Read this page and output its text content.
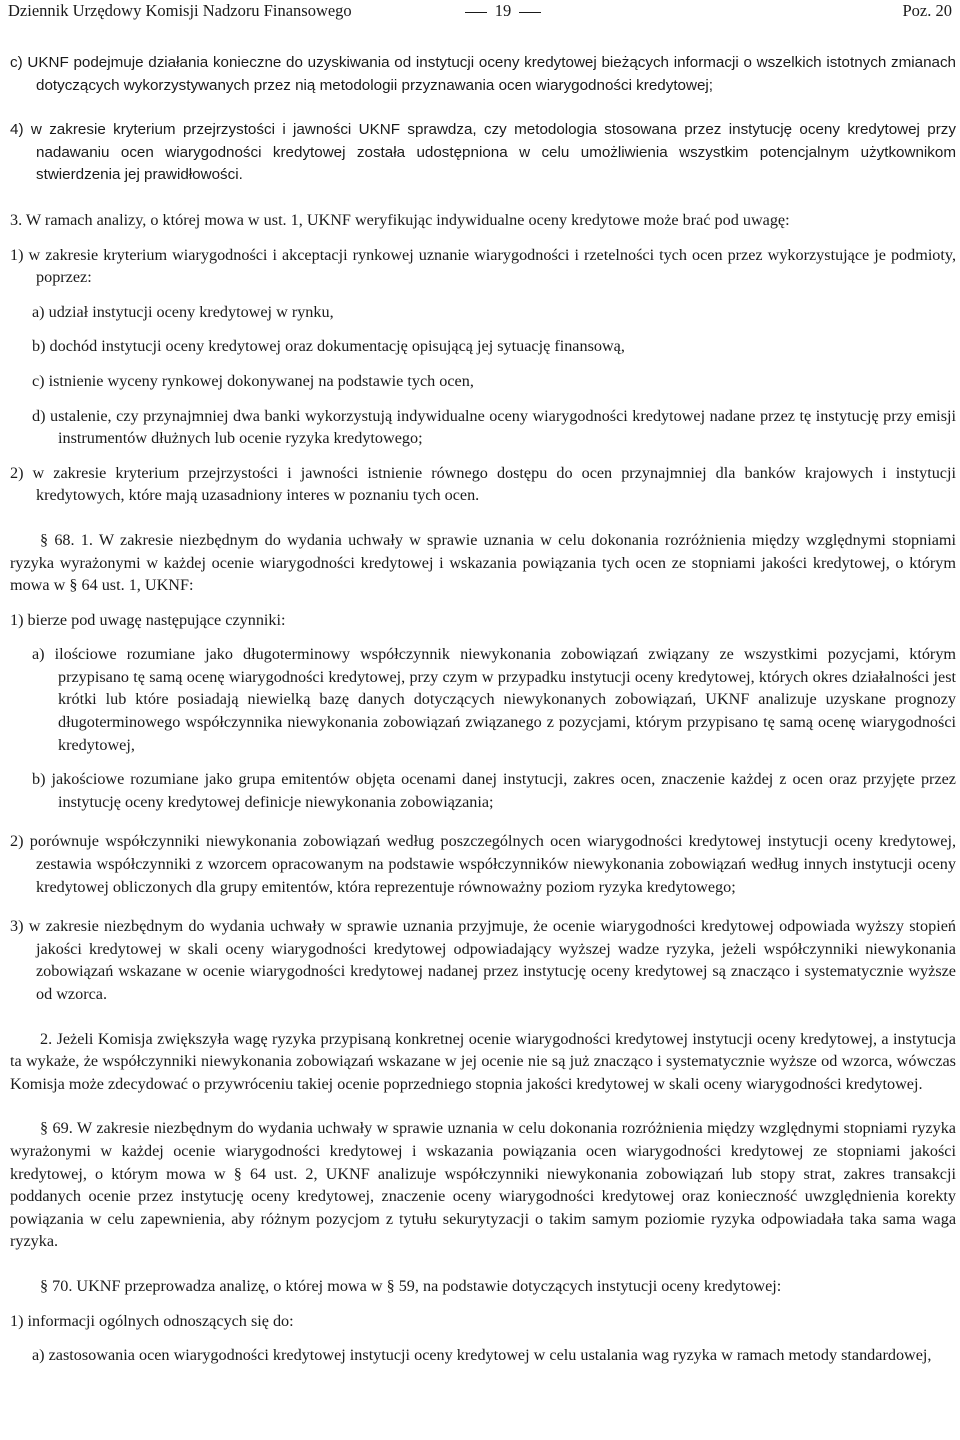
Dziennik Urzędowy Komisji Nadzoru Finansowego	19	Poz. 20

c) UKNF podejmuje działania konieczne do uzyskiwania od instytucji oceny kredytowej bieżących informacji o wszelkich istotnych zmianach dotyczących wykorzystywanych przez nią metodologii przyznawania ocen wiarygodności kredytowej;

4) w zakresie kryterium przejrzystości i jawności UKNF sprawdza, czy metodologia stosowana przez instytucję oceny kredytowej przy nadawaniu ocen wiarygodności kredytowej została udostępniona w celu umożliwienia wszystkim potencjalnym użytkownikom stwierdzenia jej prawidłowości.

3. W ramach analizy, o której mowa w ust. 1, UKNF weryfikując indywidualne oceny kredytowe może brać pod uwagę:

1) w zakresie kryterium wiarygodności i akceptacji rynkowej uznanie wiarygodności i rzetelności tych ocen przez wykorzystujące je podmioty, poprzez:

a) udział instytucji oceny kredytowej w rynku,

b) dochód instytucji oceny kredytowej oraz dokumentację opisującą jej sytuację finansową,

c) istnienie wyceny rynkowej dokonywanej na podstawie tych ocen,

d) ustalenie, czy przynajmniej dwa banki wykorzystują indywidualne oceny wiarygodności kredytowej nadane przez tę instytucję przy emisji instrumentów dłużnych lub ocenie ryzyka kredytowego;

2) w zakresie kryterium przejrzystości i jawności istnienie równego dostępu do ocen przynajmniej dla banków krajowych i instytucji kredytowych, które mają uzasadniony interes w poznaniu tych ocen.

§ 68. 1. W zakresie niezbędnym do wydania uchwały w sprawie uznania w celu dokonania rozróżnienia między względnymi stopniami ryzyka wyrażonymi w każdej ocenie wiarygodności kredytowej i wskazania powiązania tych ocen ze stopniami jakości kredytowej, o którym mowa w § 64 ust. 1, UKNF:

1) bierze pod uwagę następujące czynniki:

a) ilościowe rozumiane jako długoterminowy współczynnik niewykonania zobowiązań związany ze wszystkimi pozycjami, którym przypisano tę samą ocenę wiarygodności kredytowej, przy czym w przypadku instytucji oceny kredytowej, których okres działalności jest krótki lub które posiadają niewielką bazę danych dotyczących niewykonanych zobowiązań, UKNF analizuje uzyskane prognozy długoterminowego współczynnika niewykonania zobowiązań związanego z pozycjami, którym przypisano tę samą ocenę wiarygodności kredytowej,

b) jakościowe rozumiane jako grupa emitentów objęta ocenami danej instytucji, zakres ocen, znaczenie każdej z ocen oraz przyjęte przez instytucję oceny kredytowej definicje niewykonania zobowiązania;

2) porównuje współczynniki niewykonania zobowiązań według poszczególnych ocen wiarygodności kredytowej instytucji oceny kredytowej, zestawia współczynniki z wzorcem opracowanym na podstawie współczynników niewykonania zobowiązań według innych instytucji oceny kredytowej obliczonych dla grupy emitentów, która reprezentuje równoważny poziom ryzyka kredytowego;

3) w zakresie niezbędnym do wydania uchwały w sprawie uznania przyjmuje, że ocenie wiarygodności kredytowej odpowiada wyższy stopień jakości kredytowej w skali oceny wiarygodności kredytowej odpowiadający wyższej wadze ryzyka, jeżeli współczynniki niewykonania zobowiązań wskazane w ocenie wiarygodności kredytowej nadanej przez instytucję oceny kredytowej są znacząco i systematycznie wyższe od wzorca.

2. Jeżeli Komisja zwiększyła wagę ryzyka przypisaną konkretnej ocenie wiarygodności kredytowej instytucji oceny kredytowej, a instytucja ta wykaże, że współczynniki niewykonania zobowiązań wskazane w jej ocenie nie są już znacząco i systematycznie wyższe od wzorca, wówczas Komisja może zdecydować o przywróceniu takiej ocenie poprzedniego stopnia jakości kredytowej w skali oceny wiarygodności kredytowej.

§ 69. W zakresie niezbędnym do wydania uchwały w sprawie uznania w celu dokonania rozróżnienia między względnymi stopniami ryzyka wyrażonymi w każdej ocenie wiarygodności kredytowej i wskazania powiązania ocen wiarygodności kredytowej ze stopniami jakości kredytowej, o którym mowa w § 64 ust. 2, UKNF analizuje współczynniki niewykonania zobowiązań lub stopy strat, zakres transakcji poddanych ocenie przez instytucję oceny kredytowej, znaczenie oceny wiarygodności kredytowej oraz konieczność uwzględnienia korekty powiązania w celu zapewnienia, aby różnym pozycjom z tytułu sekurytyzacji o takim samym poziomie ryzyka odpowiadała taka sama waga ryzyka.

§ 70. UKNF przeprowadza analizę, o której mowa w § 59, na podstawie dotyczących instytucji oceny kredytowej:

1) informacji ogólnych odnoszących się do:

a) zastosowania ocen wiarygodności kredytowej instytucji oceny kredytowej w celu ustalania wag ryzyka w ramach metody standardowej,
